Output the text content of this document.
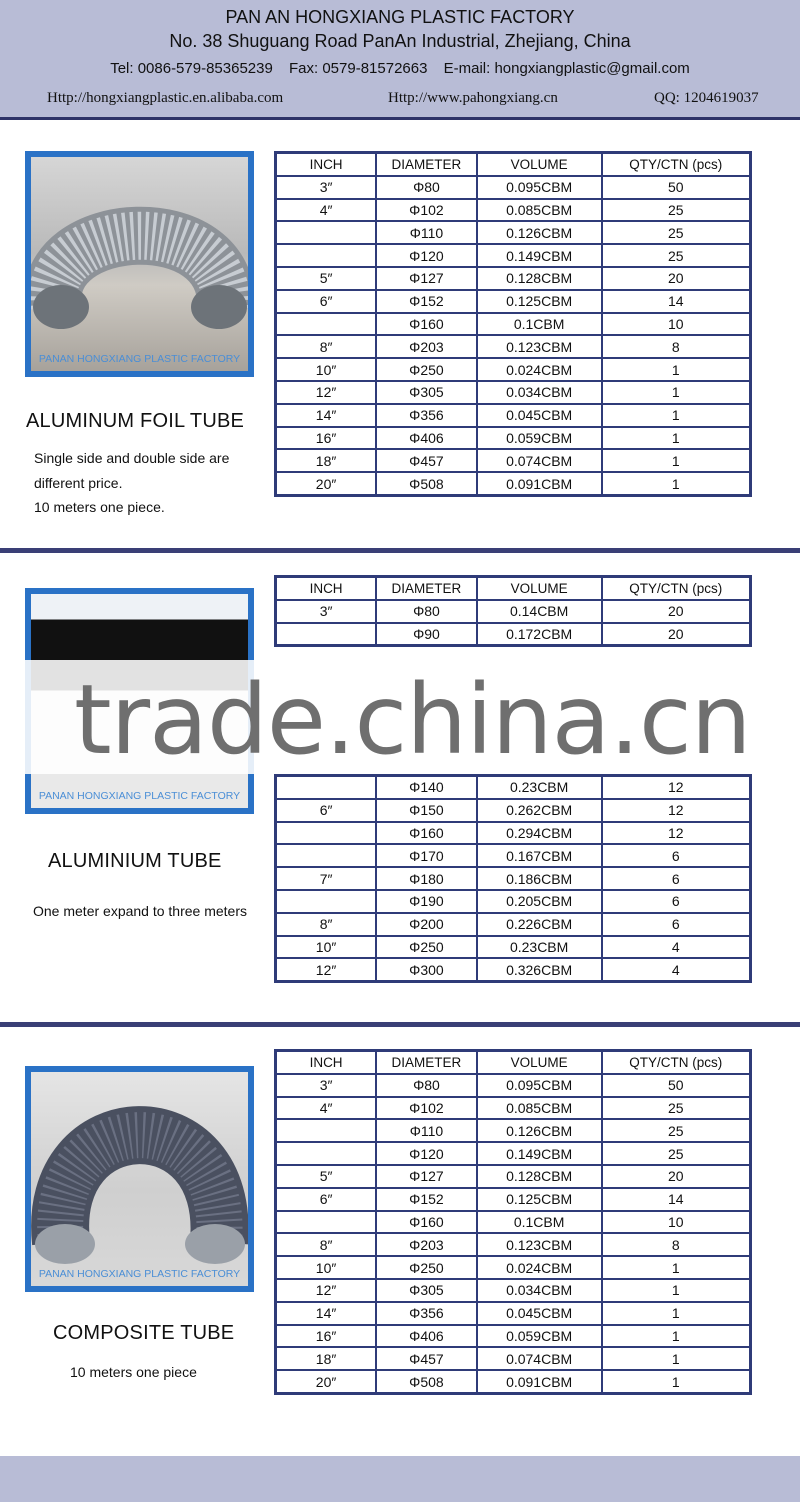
PAN AN HONGXIANG PLASTIC FACTORY
No. 38 Shuguang Road PanAn Industrial, Zhejiang, China
Tel: 0086-579-85365239 Fax: 0579-81572663 E-mail: hongxiangplastic@gmail.com
Http://hongxiangplastic.en.alibaba.com	Http://www.pahongxiang.cn	QQ: 1204619037
PANAN HONGXIANG PLASTIC FACTORY
ALUMINUM FOIL TUBE
Single side and double side are
different price.
10 meters one piece.
INCH	DIAMETER	VOLUME	QTY/CTN (pcs)
3″	Φ80	0.095CBM	50
4″	Φ102	0.085CBM	25
	Φ110	0.126CBM	25
	Φ120	0.149CBM	25
5″	Φ127	0.128CBM	20
6″	Φ152	0.125CBM	14
	Φ160	0.1CBM	10
8″	Φ203	0.123CBM	8
10″	Φ250	0.024CBM	1
12″	Φ305	0.034CBM	1
14″	Φ356	0.045CBM	1
16″	Φ406	0.059CBM	1
18″	Φ457	0.074CBM	1
20″	Φ508	0.091CBM	1
PANAN HONGXIANG PLASTIC FACTORY
ALUMINIUM TUBE
One meter expand to three meters
INCH	DIAMETER	VOLUME	QTY/CTN (pcs)
3″	Φ80	0.14CBM	20
	Φ90	0.172CBM	20
	Φ140	0.23CBM	12
6″	Φ150	0.262CBM	12
	Φ160	0.294CBM	12
	Φ170	0.167CBM	6
7″	Φ180	0.186CBM	6
	Φ190	0.205CBM	6
8″	Φ200	0.226CBM	6
10″	Φ250	0.23CBM	4
12″	Φ300	0.326CBM	4
trade.china.cn
PANAN HONGXIANG PLASTIC FACTORY
COMPOSITE TUBE
10 meters one piece
INCH	DIAMETER	VOLUME	QTY/CTN (pcs)
3″	Φ80	0.095CBM	50
4″	Φ102	0.085CBM	25
	Φ110	0.126CBM	25
	Φ120	0.149CBM	25
5″	Φ127	0.128CBM	20
6″	Φ152	0.125CBM	14
	Φ160	0.1CBM	10
8″	Φ203	0.123CBM	8
10″	Φ250	0.024CBM	1
12″	Φ305	0.034CBM	1
14″	Φ356	0.045CBM	1
16″	Φ406	0.059CBM	1
18″	Φ457	0.074CBM	1
20″	Φ508	0.091CBM	1
